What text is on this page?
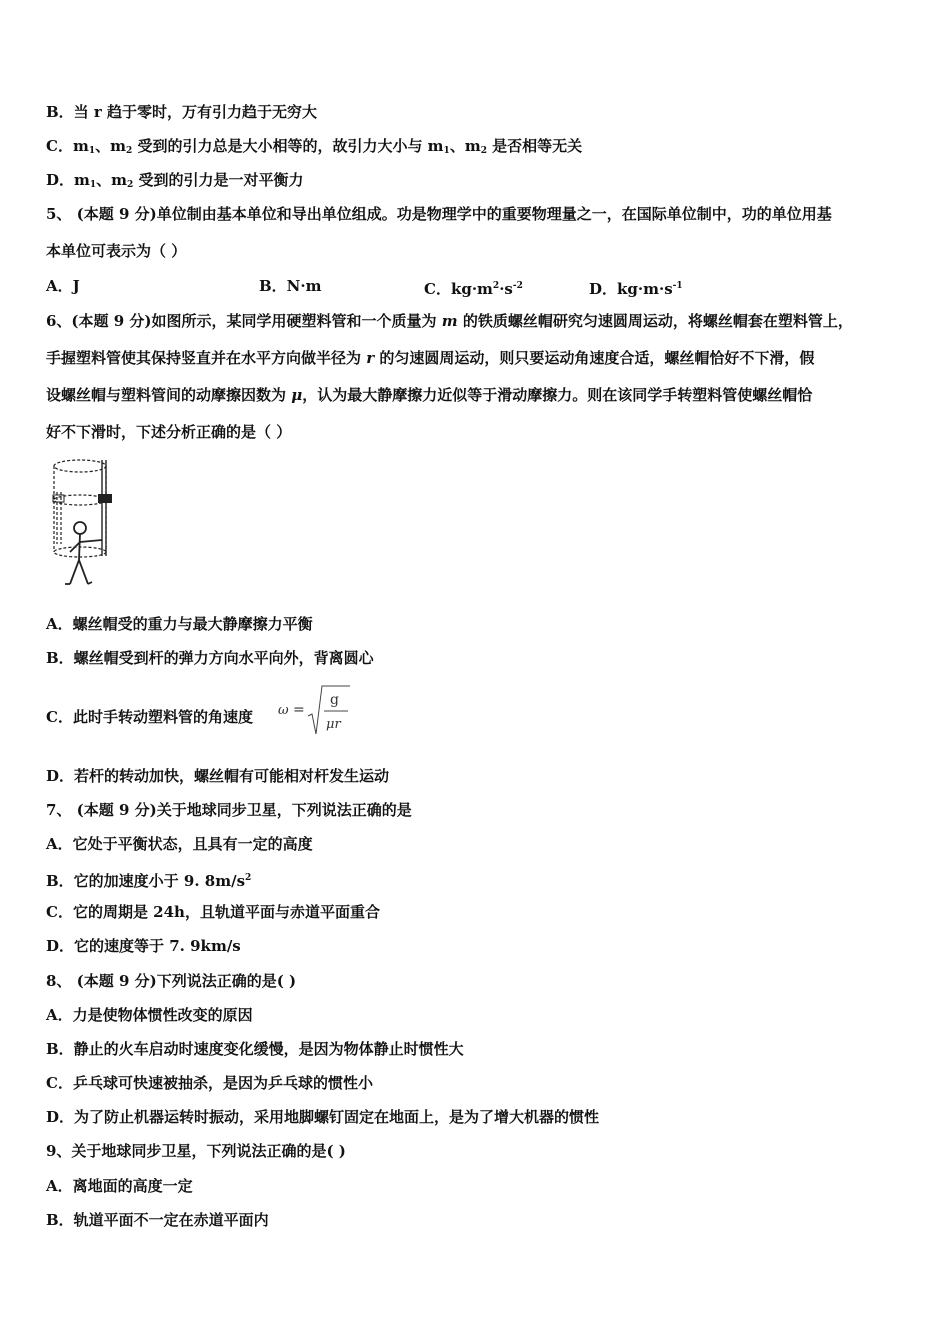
B．当 r 趋于零时，万有引力趋于无穷大
C．$m_1$、$m_2$ 受到的引力总是大小相等的，故引力大小与 $m_1$、$m_2$ 是否相等无关
D．$m_1$、$m_2$ 受到的引力是一对平衡力
5、 (本题 9 分)单位制由基本单位和导出单位组成。功是物理学中的重要物理量之一，在国际单位制中，功的单位用基
本单位可表示为（ ）
A．J	B．N·m	C．$kg\cdot m^2\cdot s^{-2}$	D．$kg\cdot m\cdot s^{-1}$
6、(本题 9 分)如图所示，某同学用硬塑料管和一个质量为 m 的铁质螺丝帽研究匀速圆周运动，将螺丝帽套在塑料管上，
手握塑料管使其保持竖直并在水平方向做半径为 r 的匀速圆周运动，则只要运动角速度合适，螺丝帽恰好不下滑，假
设螺丝帽与塑料管间的动摩擦因数为 μ，认为最大静摩擦力近似等于滑动摩擦力。则在该同学手转塑料管使螺丝帽恰
好不下滑时，下述分析正确的是（ ）
A．螺丝帽受的重力与最大静摩擦力平衡
B．螺丝帽受到杆的弹力方向水平向外，背离圆心
C．此时手转动塑料管的角速度 ω =
g
μr
D．若杆的转动加快，螺丝帽有可能相对杆发生运动
7、 (本题 9 分)关于地球同步卫星，下列说法正确的是
A．它处于平衡状态，且具有一定的高度
B．它的加速度小于 9. $8m/s^2$
C．它的周期是 24h，且轨道平面与赤道平面重合
D．它的速度等于 7. 9km/s
8、 (本题 9 分)下列说法正确的是( )
A．力是使物体惯性改变的原因
B．静止的火车启动时速度变化缓慢，是因为物体静止时惯性大
C．乒乓球可快速被抽杀，是因为乒乓球的惯性小
D．为了防止机器运转时振动，采用地脚螺钉固定在地面上，是为了增大机器的惯性
9、关于地球同步卫星，下列说法正确的是( )
A．离地面的高度一定
B．轨道平面不一定在赤道平面内
